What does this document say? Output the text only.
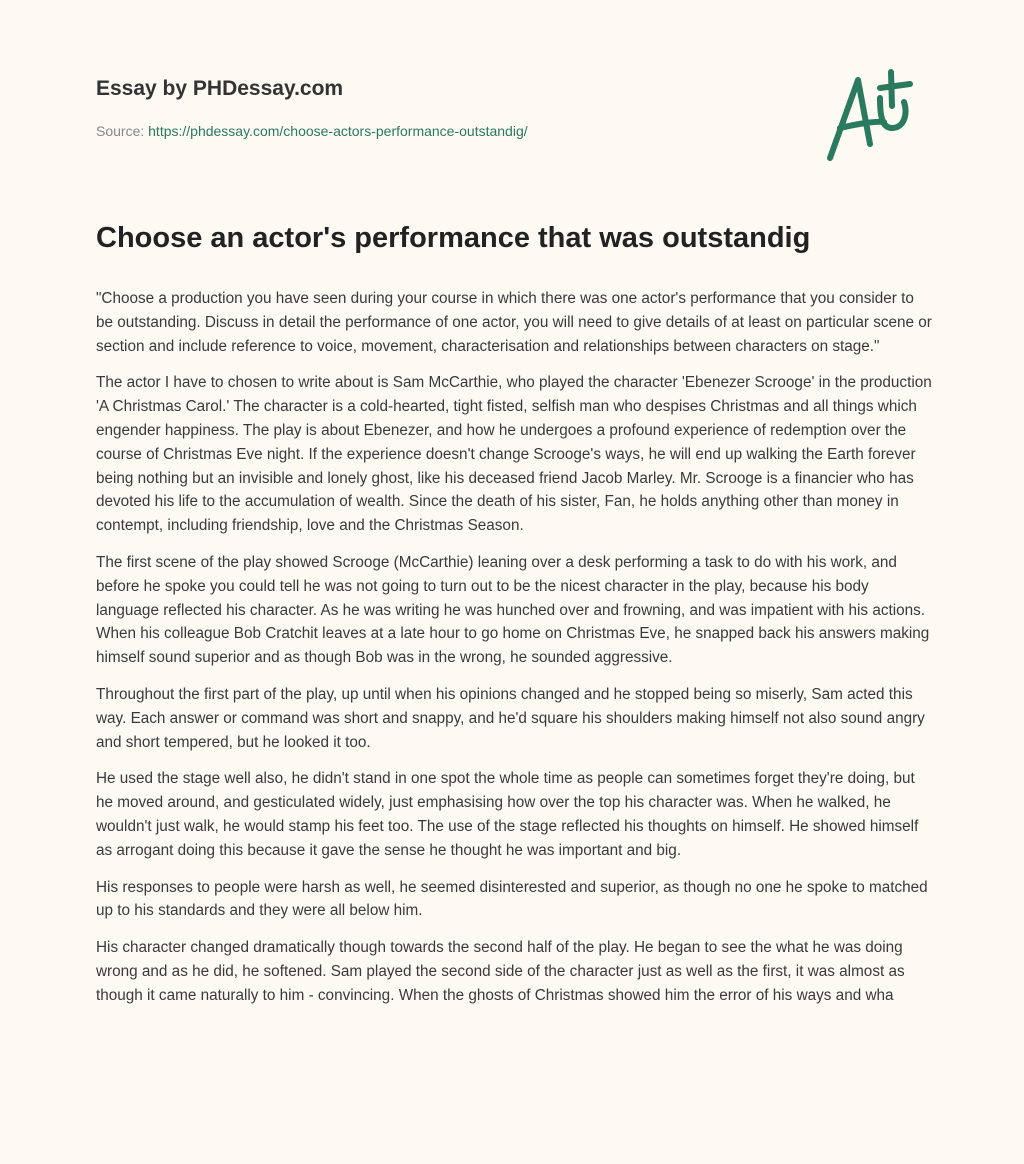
Essay by PHDessay.com
Source: https://phdessay.com/choose-actors-performance-outstandig/
Choose an actor's performance that was outstandig

"Choose a production you have seen during your course in which there was one actor's performance that you consider to be outstanding. Discuss in detail the performance of one actor, you will need to give details of at least on particular scene or section and include reference to voice, movement, characterisation and relationships between characters on stage."

The actor I have to chosen to write about is Sam McCarthie, who played the character 'Ebenezer Scrooge' in the production 'A Christmas Carol.' The character is a cold-hearted, tight fisted, selfish man who despises Christmas and all things which engender happiness. The play is about Ebenezer, and how he undergoes a profound experience of redemption over the course of Christmas Eve night. If the experience doesn't change Scrooge's ways, he will end up walking the Earth forever being nothing but an invisible and lonely ghost, like his deceased friend Jacob Marley. Mr. Scrooge is a financier who has devoted his life to the accumulation of wealth. Since the death of his sister, Fan, he holds anything other than money in contempt, including friendship, love and the Christmas Season.

The first scene of the play showed Scrooge (McCarthie) leaning over a desk performing a task to do with his work, and before he spoke you could tell he was not going to turn out to be the nicest character in the play, because his body language reflected his character. As he was writing he was hunched over and frowning, and was impatient with his actions. When his colleague Bob Cratchit leaves at a late hour to go home on Christmas Eve, he snapped back his answers making himself sound superior and as though Bob was in the wrong, he sounded aggressive.

Throughout the first part of the play, up until when his opinions changed and he stopped being so miserly, Sam acted this way. Each answer or command was short and snappy, and he'd square his shoulders making himself not also sound angry and short tempered, but he looked it too.

He used the stage well also, he didn't stand in one spot the whole time as people can sometimes forget they're doing, but he moved around, and gesticulated widely, just emphasising how over the top his character was. When he walked, he wouldn't just walk, he would stamp his feet too. The use of the stage reflected his thoughts on himself. He showed himself as arrogant doing this because it gave the sense he thought he was important and big.

His responses to people were harsh as well, he seemed disinterested and superior, as though no one he spoke to matched up to his standards and they were all below him.

His character changed dramatically though towards the second half of the play. He began to see the what he was doing wrong and as he did, he softened. Sam played the second side of the character just as well as the first, it was almost as though it came naturally to him - convincing. When the ghosts of Christmas showed him the error of his ways and wha
